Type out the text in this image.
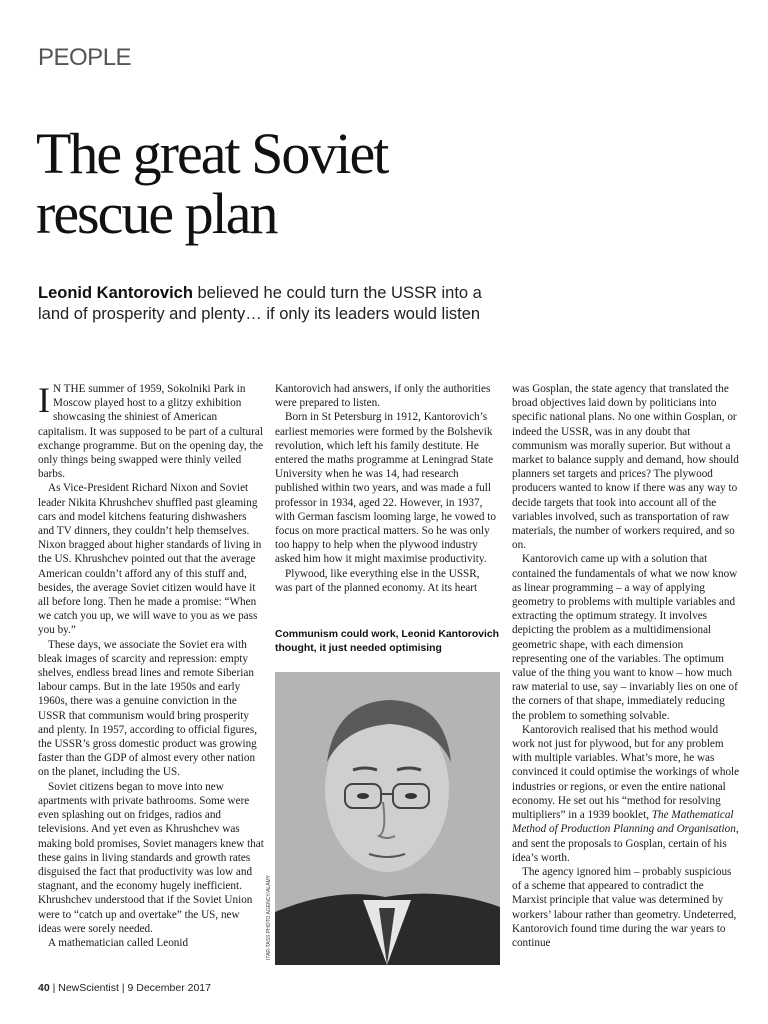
PEOPLE
The great Soviet rescue plan
Leonid Kantorovich believed he could turn the USSR into a land of prosperity and plenty… if only its leaders would listen

I N THE summer of 1959, Sokolniki Park in Moscow played host to a glitzy exhibition showcasing the shiniest of American capitalism. It was supposed to be part of a cultural exchange programme. But on the opening day, the only things being swapped were thinly veiled barbs.

As Vice-President Richard Nixon and Soviet leader Nikita Khrushchev shuffled past gleaming cars and model kitchens featuring dishwashers and TV dinners, they couldn’t help themselves. Nixon bragged about higher standards of living in the US. Khrushchev pointed out that the average American couldn’t afford any of this stuff and, besides, the average Soviet citizen would have it all before long. Then he made a promise: “When we catch you up, we will wave to you as we pass you by.”

These days, we associate the Soviet era with bleak images of scarcity and repression: empty shelves, endless bread lines and remote Siberian labour camps. But in the late 1950s and early 1960s, there was a genuine conviction in the USSR that communism would bring prosperity and plenty. In 1957, according to official figures, the USSR’s gross domestic product was growing faster than the GDP of almost every other nation on the planet, including the US.

Soviet citizens began to move into new apartments with private bathrooms. Some were even splashing out on fridges, radios and televisions. And yet even as Khrushchev was making bold promises, Soviet managers knew that these gains in living standards and growth rates disguised the fact that productivity was low and stagnant, and the economy hugely inefficient. Khrushchev understood that if the Soviet Union were to “catch up and overtake” the US, new ideas were sorely needed.

A mathematician called Leonid

Kantorovich had answers, if only the authorities were prepared to listen.

Born in St Petersburg in 1912, Kantorovich’s earliest memories were formed by the Bolshevik revolution, which left his family destitute. He entered the maths programme at Leningrad State University when he was 14, had research published within two years, and was made a full professor in 1934, aged 22. However, in 1937, with German fascism looming large, he vowed to focus on more practical matters. So he was only too happy to help when the plywood industry asked him how it might maximise productivity.

Plywood, like everything else in the USSR, was part of the planned economy. At its heart

Communism could work, Leonid Kantorovich thought, it just needed optimising
ITAR-TASS PHOTO AGENCY/ALAMY

was Gosplan, the state agency that translated the broad objectives laid down by politicians into specific national plans. No one within Gosplan, or indeed the USSR, was in any doubt that communism was morally superior. But without a market to balance supply and demand, how should planners set targets and prices? The plywood producers wanted to know if there was any way to decide targets that took into account all of the variables involved, such as transportation of raw materials, the number of workers required, and so on.

Kantorovich came up with a solution that contained the fundamentals of what we now know as linear programming – a way of applying geometry to problems with multiple variables and extracting the optimum strategy. It involves depicting the problem as a multidimensional geometric shape, with each dimension representing one of the variables. The optimum value of the thing you want to know – how much raw material to use, say – invariably lies on one of the corners of that shape, immediately reducing the problem to something solvable.

Kantorovich realised that his method would work not just for plywood, but for any problem with multiple variables. What’s more, he was convinced it could optimise the workings of whole industries or regions, or even the entire national economy. He set out his “method for resolving multipliers” in a 1939 booklet, The Mathematical Method of Production Planning and Organisation, and sent the proposals to Gosplan, certain of his idea’s worth.

The agency ignored him – probably suspicious of a scheme that appeared to contradict the Marxist principle that value was determined by workers’ labour rather than geometry. Undeterred, Kantorovich found time during the war years to continue

40 | NewScientist | 9 December 2017
